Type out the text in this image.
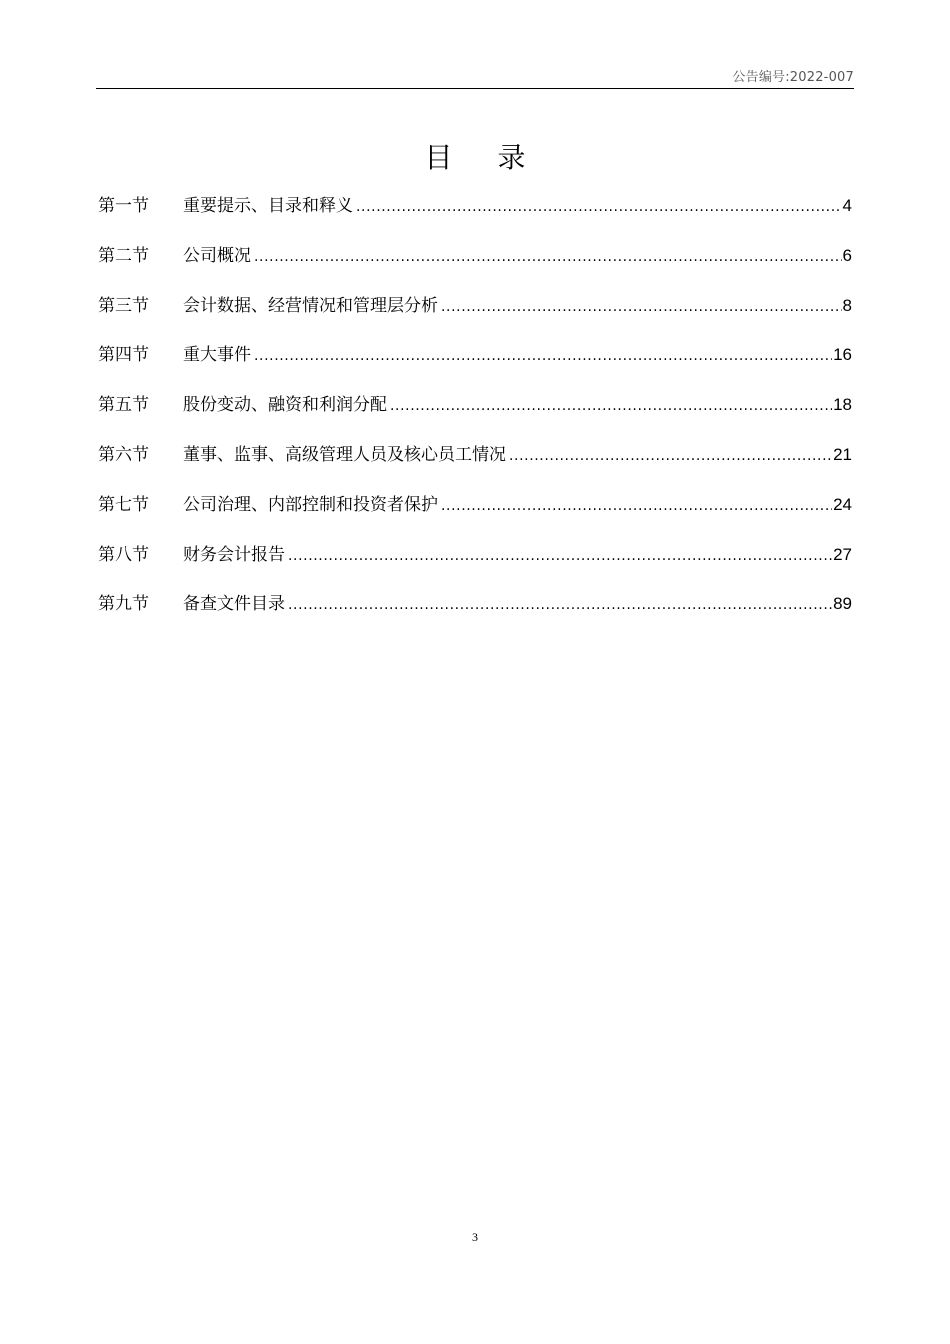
公告编号:2022-007
目 录
第一节	重要提示、目录和释义 .....	4
第二节	公司概况 .....	6
第三节	会计数据、经营情况和管理层分析 .....	8
第四节	重大事件 .....	16
第五节	股份变动、融资和利润分配 .....	18
第六节	董事、监事、高级管理人员及核心员工情况 .....	21
第七节	公司治理、内部控制和投资者保护 .....	24
第八节	财务会计报告 .....	27
第九节	备查文件目录 .....	89
3
